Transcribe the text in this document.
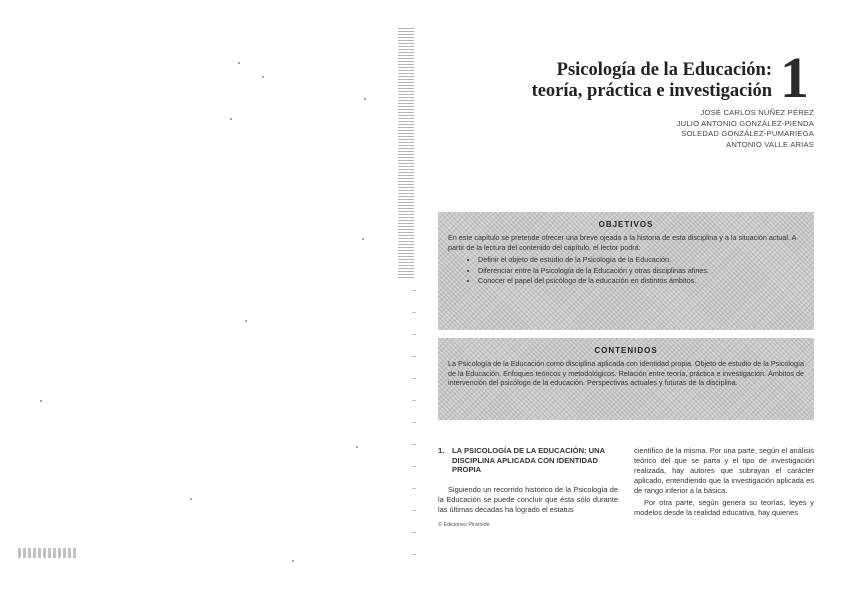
Psicología de la Educación:
teoría, práctica e investigación 1
JOSÉ CARLOS NÚÑEZ PÉREZ
JULIO ANTONIO GONZÁLEZ-PIENDA
SOLEDAD GONZÁLEZ-PUMARIEGA
ANTONIO VALLE ARIAS
OBJETIVOS

En este capítulo se pretende ofrecer una breve ojeada a la historia de esta disciplina y a la situación actual. A partir de la lectura del contenido del capítulo, el lector podrá:

• Definir el objeto de estudio de la Psicología de la Educación.
• Diferenciar entre la Psicología de la Educación y otras disciplinas afines.
• Conocer el papel del psicólogo de la educación en distintos ámbitos.
CONTENIDOS

La Psicología de la Educación como disciplina aplicada con identidad propia. Objeto de estudio de la Psicología de la Educación. Enfoques teóricos y metodológicos. Relación entre teoría, práctica e investigación. Ámbitos de intervención del psicólogo de la educación. Perspectivas actuales y futuras de la disciplina.

1.	LA PSICOLOGÍA DE LA EDUCACIÓN: UNA DISCIPLINA APLICADA CON IDENTIDAD PROPIA

Siguiendo un recorrido histórico de la Psicología de la Educación se puede concluir que ésta sólo durante las últimas décadas ha logrado el estatus

científico de la misma. Por una parte, según el análisis teórico del que se parta y el tipo de investigación realizada, hay autores que subrayan el carácter aplicado, entendiendo que la investigación aplicada es de rango inferior a la básica.

Por otra parte, según genera su teorías, leyes y modelos desde la realidad educativa, hay quienes

© Ediciones Pirámide
